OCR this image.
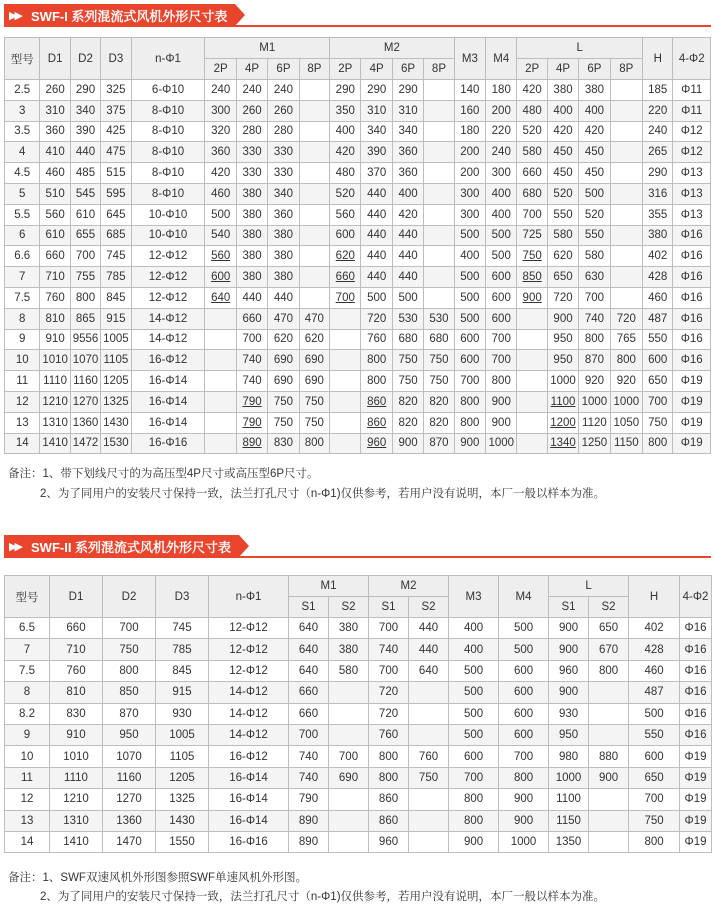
▶▶ SWF-I 系列混流式风机外形尺寸表
型号	D1	D2	D3	n-Φ1	M1				M2				M3	M4	L				H	4-Φ2
					2P	4P	6P	8P	2P	4P	6P	8P			2P	4P	6P	8P		
2.5	260	290	325	6-Φ10	240	240	240		290	290	290		140	180	420	380	380		185	Φ11
3	310	340	375	8-Φ10	300	260	260		350	310	310		160	200	480	400	400		220	Φ11
3.5	360	390	425	8-Φ10	320	280	280		400	340	340		180	220	520	420	420		240	Φ12
4	410	440	475	8-Φ10	360	330	330		420	390	360		200	240	580	450	450		265	Φ12
4.5	460	485	515	8-Φ10	420	330	330		480	370	360		200	300	660	450	450		290	Φ13
5	510	545	595	8-Φ10	460	380	340		520	440	400		300	400	680	520	500		316	Φ13
5.5	560	610	645	10-Φ10	500	380	360		560	440	420		300	400	700	550	520		355	Φ13
6	610	655	685	10-Φ10	540	380	380		600	440	440		500	500	725	580	550		380	Φ16
6.6	660	700	745	12-Φ12	560	380	380		620	440	440		400	500	750	620	580		402	Φ16
7	710	755	785	12-Φ12	600	380	380		660	440	440		500	600	850	650	630		428	Φ16
7.5	760	800	845	12-Φ12	640	440	440		700	500	500		500	600	900	720	700		460	Φ16
8	810	865	915	14-Φ12		660	470	470		720	530	530	500	600		900	740	720	487	Φ16
9	910	9556	1005	14-Φ12		700	620	620		760	680	680	600	700		950	800	765	550	Φ16
10	1010	1070	1105	16-Φ12		740	690	690		800	750	750	600	700		950	870	800	600	Φ16
11	1110	1160	1205	16-Φ14		740	690	690		800	750	750	700	800		1000	920	920	650	Φ19
12	1210	1270	1325	16-Φ14		790	750	750		860	820	820	800	900		1100	1000	1000	700	Φ19
13	1310	1360	1430	16-Φ14		790	750	750		860	820	820	800	900		1200	1120	1050	750	Φ19
14	1410	1472	1530	16-Φ16		890	830	800		960	900	870	900	1000		1340	1250	1150	800	Φ19
备注：1、带下划线尺寸的为高压型4P尺寸或高压型6P尺寸。
2、为了同用户的安装尺寸保持一致，法兰打孔尺寸（n-Φ1)仅供参考，若用户没有说明，本厂一般以样本为准。
▶▶ SWF-II 系列混流式风机外形尺寸表
型号	D1	D2	D3	n-Φ1	M1		M2		M3	M4	L		H	4-Φ2
					S1	S2	S1	S2			S1	S2		
6.5	660	700	745	12-Φ12	640	380	700	440	400	500	900	650	402	Φ16
7	710	750	785	12-Φ12	640	380	740	440	400	500	900	670	428	Φ16
7.5	760	800	845	12-Φ12	640	580	700	640	500	600	960	800	460	Φ16
8	810	850	915	14-Φ12	660		720		500	600	900		487	Φ16
8.2	830	870	930	14-Φ12	660		720		500	600	930		500	Φ16
9	910	950	1005	14-Φ12	700		760		500	600	950		550	Φ16
10	1010	1070	1105	16-Φ12	740	700	800	760	600	700	980	880	600	Φ19
11	1110	1160	1205	16-Φ14	740	690	800	750	700	800	1000	900	650	Φ19
12	1210	1270	1325	16-Φ14	790		860		800	900	1100		700	Φ19
13	1310	1360	1430	16-Φ14	890		860		800	900	1150		750	Φ19
14	1410	1470	1550	16-Φ16	890		960		900	1000	1350		800	Φ19
备注：1、SWF双速风机外形图参照SWF单速风机外形图。
2、为了同用户的安装尺寸保持一致，法兰打孔尺寸（n-Φ1)仅供参考，若用户没有说明，本厂一般以样本为准。
